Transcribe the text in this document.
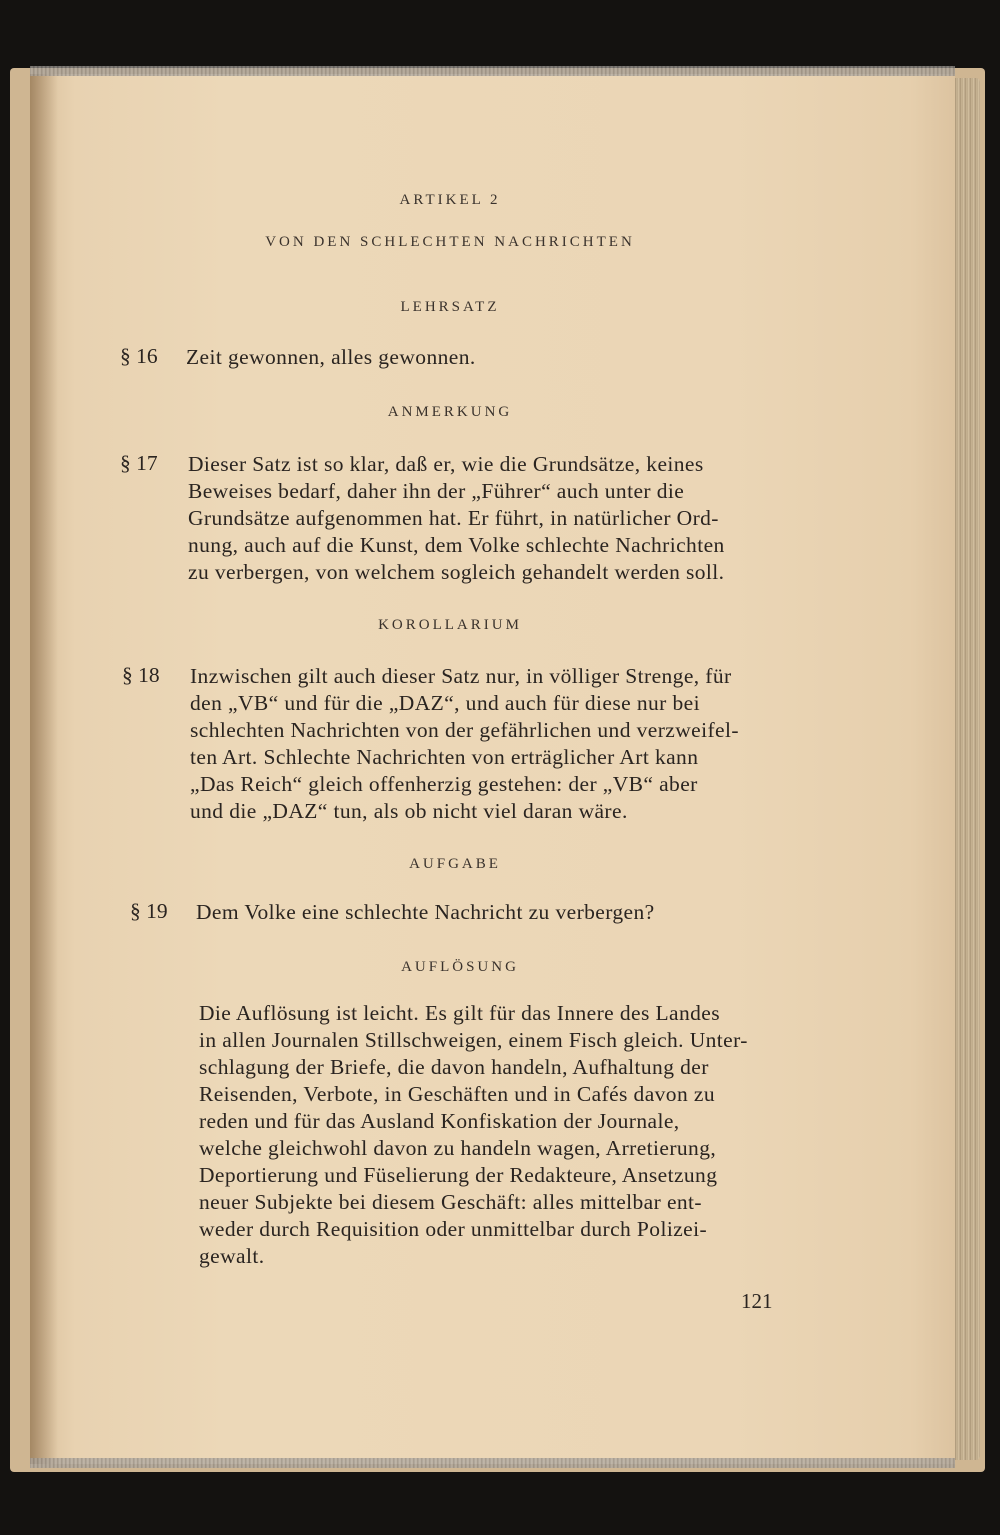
ARTIKEL 2
VON DEN SCHLECHTEN NACHRICHTEN
LEHRSATZ
§ 16 Zeit gewonnen, alles gewonnen.
ANMERKUNG
§ 17 Dieser Satz ist so klar, daß er, wie die Grundsätze, keines
Beweises bedarf, daher ihn der „Führer“ auch unter die
Grundsätze aufgenommen hat. Er führt, in natürlicher Ord-
nung, auch auf die Kunst, dem Volke schlechte Nachrichten
zu verbergen, von welchem sogleich gehandelt werden soll.
KOROLLARIUM
§ 18 Inzwischen gilt auch dieser Satz nur, in völliger Strenge, für
den „VB“ und für die „DAZ“, und auch für diese nur bei
schlechten Nachrichten von der gefährlichen und verzweifel-
ten Art. Schlechte Nachrichten von erträglicher Art kann
„Das Reich“ gleich offenherzig gestehen: der „VB“ aber
und die „DAZ“ tun, als ob nicht viel daran wäre.
AUFGABE
§ 19 Dem Volke eine schlechte Nachricht zu verbergen?
AUFLÖSUNG
Die Auflösung ist leicht. Es gilt für das Innere des Landes
in allen Journalen Stillschweigen, einem Fisch gleich. Unter-
schlagung der Briefe, die davon handeln, Aufhaltung der
Reisenden, Verbote, in Geschäften und in Cafés davon zu
reden und für das Ausland Konfiskation der Journale,
welche gleichwohl davon zu handeln wagen, Arretierung,
Deportierung und Füselierung der Redakteure, Ansetzung
neuer Subjekte bei diesem Geschäft: alles mittelbar ent-
weder durch Requisition oder unmittelbar durch Polizei-
gewalt.
121
